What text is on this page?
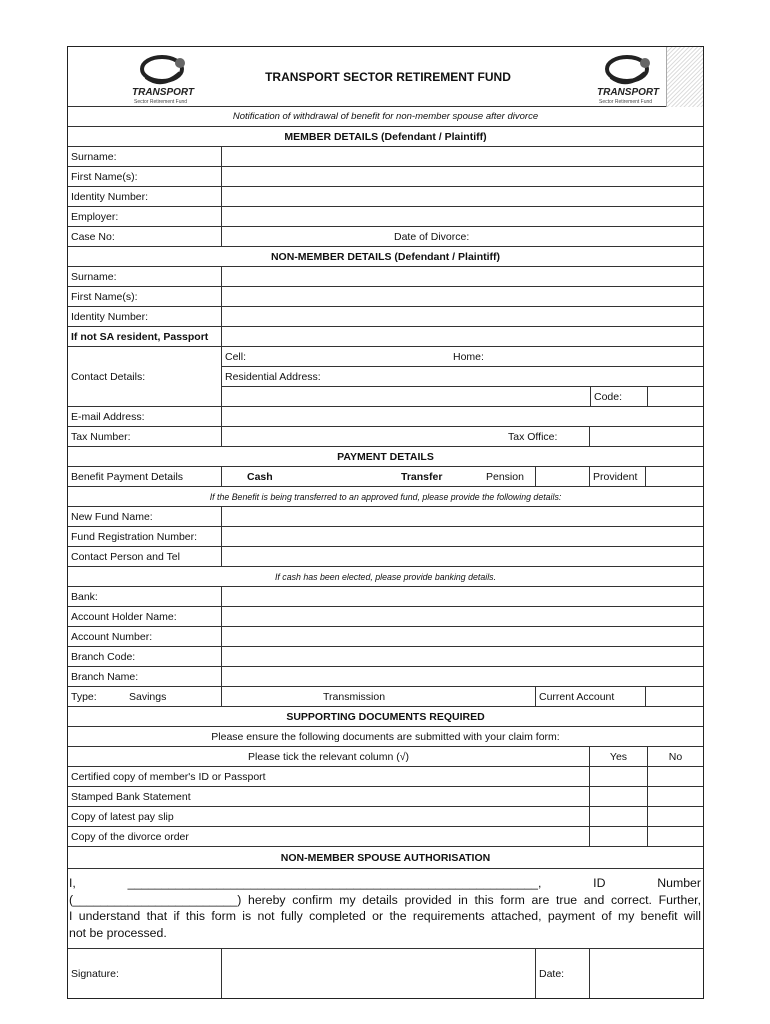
TRANSPORT
Sector Retirement Fund
TRANSPORT SECTOR RETIREMENT FUND
TRANSPORT
Sector Retirement Fund
Notification of withdrawal of benefit for non-member spouse after divorce
MEMBER DETAILS (Defendant / Plaintiff)
Surname:
First Name(s):
Identity Number:
Employer:
Case No:	Date of Divorce:
NON-MEMBER DETAILS (Defendant / Plaintiff)
Surname:
First Name(s):
Identity Number:
If not SA resident, Passport
Contact Details:
Cell:	Home:
Residential Address:
Code:
E-mail Address:
Tax Number:	Tax Office:
PAYMENT DETAILS
Benefit Payment Details	Cash	Transfer	Pension	Provident
If the Benefit is being transferred to an approved fund, please provide the following details:
New Fund Name:
Fund Registration Number:
Contact Person and Tel
If cash has been elected, please provide banking details.
Bank:
Account Holder Name:
Account Number:
Branch Code:
Branch Name:
Type:	Savings	Transmission	Current Account
SUPPORTING DOCUMENTS REQUIRED
Please ensure the following documents are submitted with your claim form:
Please tick the relevant column (√)	Yes	No
Certified copy of member's ID or Passport
Stamped Bank Statement
Copy of latest pay slip
Copy of the divorce order
NON-MEMBER SPOUSE AUTHORISATION
I, ____________________________________________________________, ID Number
(________________________) hereby confirm my details provided in this form are true and correct. Further,
I understand that if this form is not fully completed or the requirements attached, payment of my benefit will
not be processed.
Signature:	Date:
